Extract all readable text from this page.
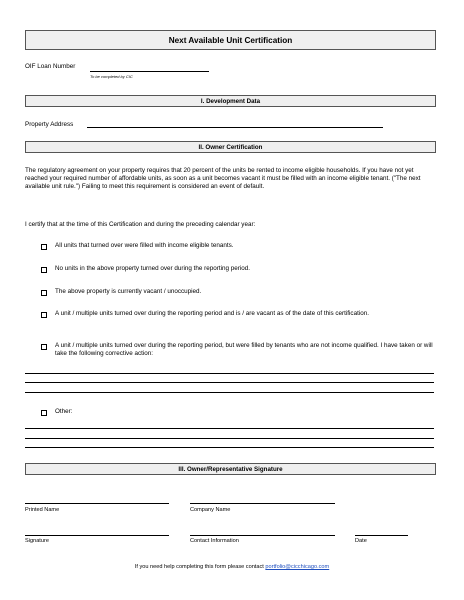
Next Available Unit Certification
OIF Loan Number
To be completed by CIC
I. Development Data
Property Address
II. Owner Certification
The regulatory agreement on your property requires that 20 percent of the units be rented to income eligible households. If you have not yet reached your required number of affordable units, as soon as a unit becomes vacant it must be filled with an income eligible tenant. ("The next available unit rule.") Failing to meet this requirement is considered an event of default.
I certify that at the time of this Certification and during the preceding calendar year:
All units that turned over were filled with income eligible tenants.
No units in the above property turned over during the reporting period.
The above property is currently vacant / unoccupied.
A unit / multiple units turned over during the reporting period and is / are vacant as of the date of this certification.
A unit / multiple units turned over during the reporting period, but were filled by tenants who are not income qualified. I have taken or will take the following corrective action:
Other:
III. Owner/Representative Signature
Printed Name	Company Name
Signature	Contact Information	Date
If you need help completing this form please contact portfolio@cicchicago.com
